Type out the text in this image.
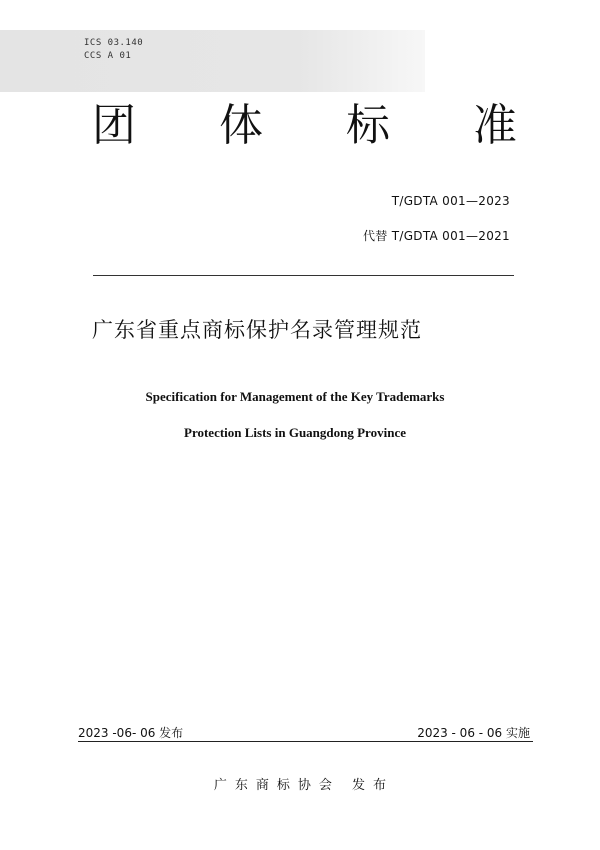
ICS 03.140
CCS A 01
团 体 标 准
T/GDTA 001—2023
代替 T/GDTA 001—2021
广东省重点商标保护名录管理规范
Specification for Management of the Key Trademarks
Protection Lists in Guangdong Province
2023 -06- 06 发布	2023 - 06 - 06 实施
广东商标协会 发布
